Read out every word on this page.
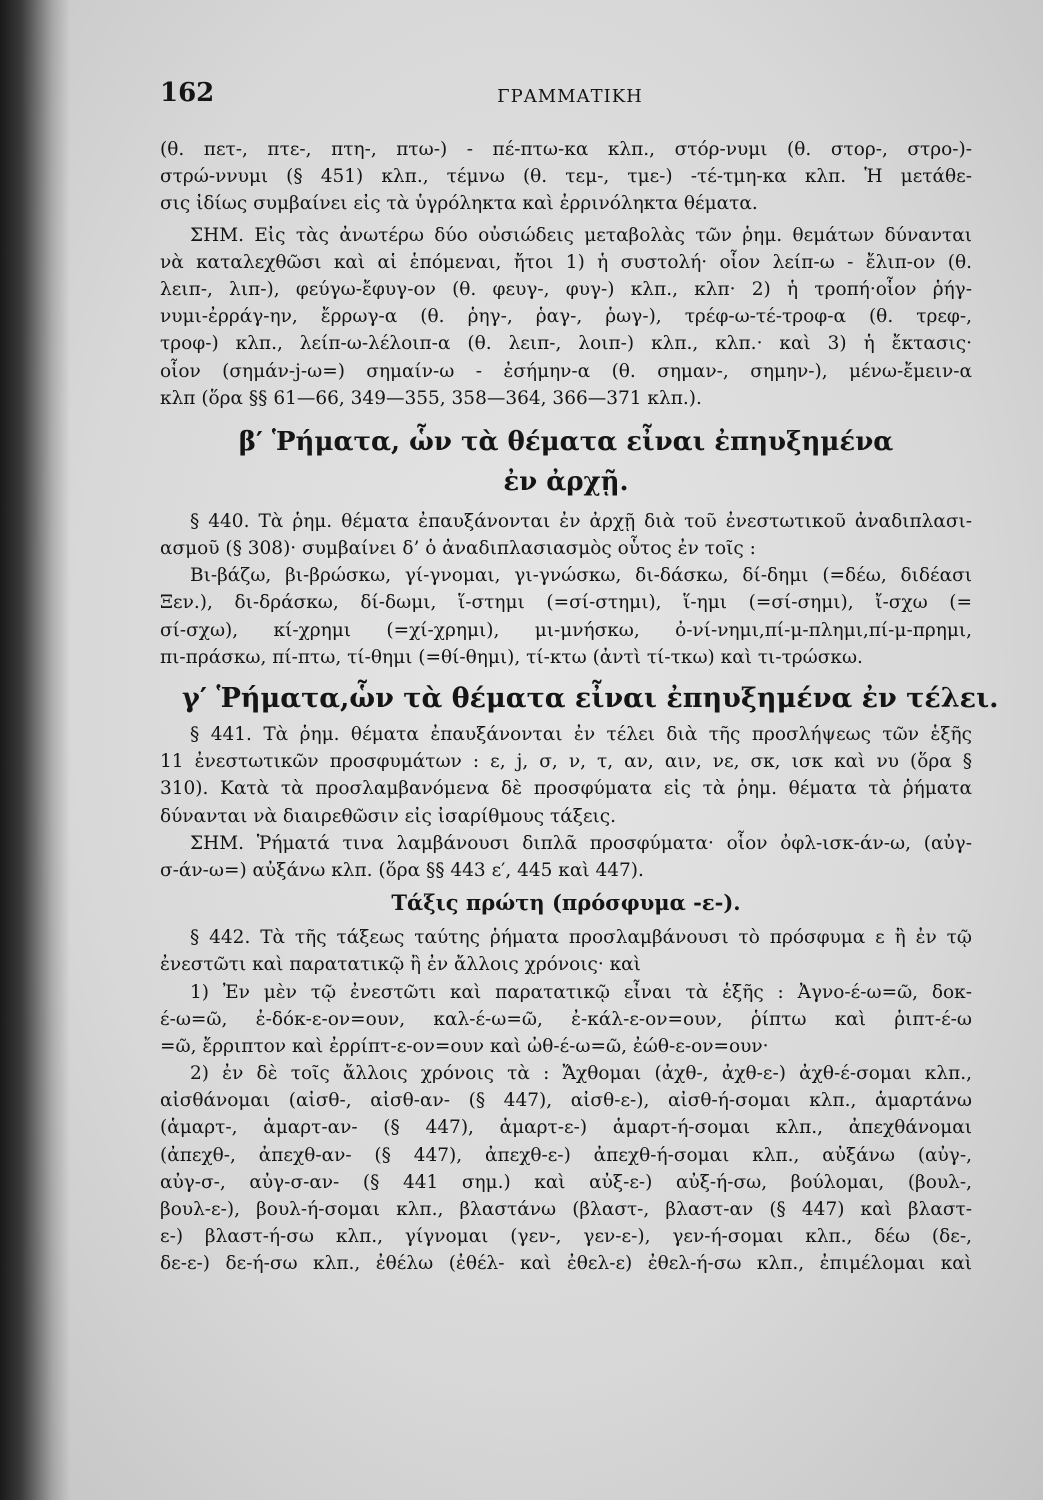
162	ΓΡΑΜΜΑΤΙΚΗ
(θ. πετ-, πτε-, πτη-, πτω-) - πέ-πτω-κα κλπ., στόρ-νυμι (θ. στορ-, στρο-)-
στρώ-ννυμι (§ 451) κλπ., τέμνω (θ. τεμ-, τμε-) -τέ-τμη-κα κλπ. Ἡ μετάθε-
σις ἰδίως συμβαίνει εἰς τὰ ὑγρόληκτα καὶ ἐρρινόληκτα θέματα.
ΣΗΜ. Εἰς τὰς ἀνωτέρω δύο οὐσιώδεις μεταβολὰς τῶν ῥημ. θεμάτων δύνανται
νὰ καταλεχθῶσι καὶ αἱ ἑπόμεναι, ἤτοι 1) ἡ συστολή· οἷον λείπ-ω - ἔλιπ-ον (θ.
λειπ-, λιπ-), φεύγω-ἔφυγ-ον (θ. φευγ-, φυγ-) κλπ., κλπ· 2) ἡ τροπή·οἷον ῥήγ-
νυμι-ἐρράγ-ην, ἔρρωγ-α (θ. ῥηγ-, ῥαγ-, ῥωγ-), τρέφ-ω-τέ-τροφ-α (θ. τρεφ-,
τροφ-) κλπ., λείπ-ω-λέλοιπ-α (θ. λειπ-, λοιπ-) κλπ., κλπ.· καὶ 3) ἡ ἔκτασις·
οἷον (σημάν-j-ω=) σημαίν-ω - ἐσήμην-α (θ. σημαν-, σημην-), μένω-ἔμειν-α
κλπ (ὅρα §§ 61—66, 349—355, 358—364, 366—371 κλπ.).
β′ Ῥήματα, ὧν τὰ θέματα εἶναι ἐπηυξημένα
ἐν ἀρχῇ.
§ 440. Τὰ ῥημ. θέματα ἐπαυξάνονται ἐν ἀρχῇ διὰ τοῦ ἐνεστωτικοῦ ἀναδιπλασι-
ασμοῦ (§ 308)· συμβαίνει δ’ ὁ ἀναδιπλασιασμὸς οὗτος ἐν τοῖς :
Βι-βάζω, βι-βρώσκω, γί-γνομαι, γι-γνώσκω, δι-δάσκω, δί-δημι (=δέω, διδέασι
Ξεν.), δι-δράσκω, δί-δωμι, ἵ-στημι (=σί-στημι), ἵ-ημι (=σί-σημι), ἴ-σχω (=
σί-σχω), κί-χρημι (=χί-χρημι), μι-μνήσκω, ὀ-νί-νημι,πί-μ-πλημι,πί-μ-πρημι,
πι-πράσκω, πί-πτω, τί-θημι (=θί-θημι), τί-κτω (ἀντὶ τί-τκω) καὶ τι-τρώσκω.
γ′ Ῥήματα,ὧν τὰ θέματα εἶναι ἐπηυξημένα ἐν τέλει.
§ 441. Τὰ ῥημ. θέματα ἐπαυξάνονται ἐν τέλει διὰ τῆς προσλήψεως τῶν ἑξῆς
11 ἐνεστωτικῶν προσφυμάτων : ε, j, σ, ν, τ, αν, αιν, νε, σκ, ισκ καὶ νυ (ὅρα §
310). Κατὰ τὰ προσλαμβανόμενα δὲ προσφύματα εἰς τὰ ῥημ. θέματα τὰ ῥήματα
δύνανται νὰ διαιρεθῶσιν εἰς ἰσαρίθμους τάξεις.
ΣΗΜ. Ῥήματά τινα λαμβάνουσι διπλᾶ προσφύματα· οἷον ὀφλ-ισκ-άν-ω, (αὐγ-
σ-άν-ω=) αὐξάνω κλπ. (ὅρα §§ 443 ε′, 445 καὶ 447).
Τάξις πρώτη (πρόσφυμα -ε-).
§ 442. Τὰ τῆς τάξεως ταύτης ῥήματα προσλαμβάνουσι τὸ πρόσφυμα ε ἢ ἐν τῷ
ἐνεστῶτι καὶ παρατατικῷ ἢ ἐν ἄλλοις χρόνοις· καὶ
1) Ἐν μὲν τῷ ἐνεστῶτι καὶ παρατατικῷ εἶναι τὰ ἑξῆς : Ἀγνο-έ-ω=ῶ, δοκ-
έ-ω=ῶ, ἐ-δόκ-ε-ον=ουν, καλ-έ-ω=ῶ, ἐ-κάλ-ε-ον=ουν, ῥίπτω καὶ ῥιπτ-έ-ω
=ῶ, ἔρριπτον καὶ ἐρρίπτ-ε-ον=ουν καὶ ὠθ-έ-ω=ῶ, ἐώθ-ε-ον=ουν·
2) ἐν δὲ τοῖς ἄλλοις χρόνοις τὰ : Ἄχθομαι (ἀχθ-, ἀχθ-ε-) ἀχθ-έ-σομαι κλπ.,
αἰσθάνομαι (αἰσθ-, αἰσθ-αν- (§ 447), αἰσθ-ε-), αἰσθ-ή-σομαι κλπ., ἁμαρτάνω
(ἁμαρτ-, ἁμαρτ-αν- (§ 447), ἁμαρτ-ε-) ἁμαρτ-ή-σομαι κλπ., ἀπεχθάνομαι
(ἀπεχθ-, ἀπεχθ-αν- (§ 447), ἀπεχθ-ε-) ἀπεχθ-ή-σομαι κλπ., αὐξάνω (αὐγ-,
αὐγ-σ-, αὐγ-σ-αν- (§ 441 σημ.) καὶ αὐξ-ε-) αὐξ-ή-σω, βούλομαι, (βουλ-,
βουλ-ε-), βουλ-ή-σομαι κλπ., βλαστάνω (βλαστ-, βλαστ-αν (§ 447) καὶ βλαστ-
ε-) βλαστ-ή-σω κλπ., γίγνομαι (γεν-, γεν-ε-), γεν-ή-σομαι κλπ., δέω (δε-,
δε-ε-) δε-ή-σω κλπ., ἐθέλω (ἐθέλ- καὶ ἐθελ-ε) ἐθελ-ή-σω κλπ., ἐπιμέλομαι καὶ
